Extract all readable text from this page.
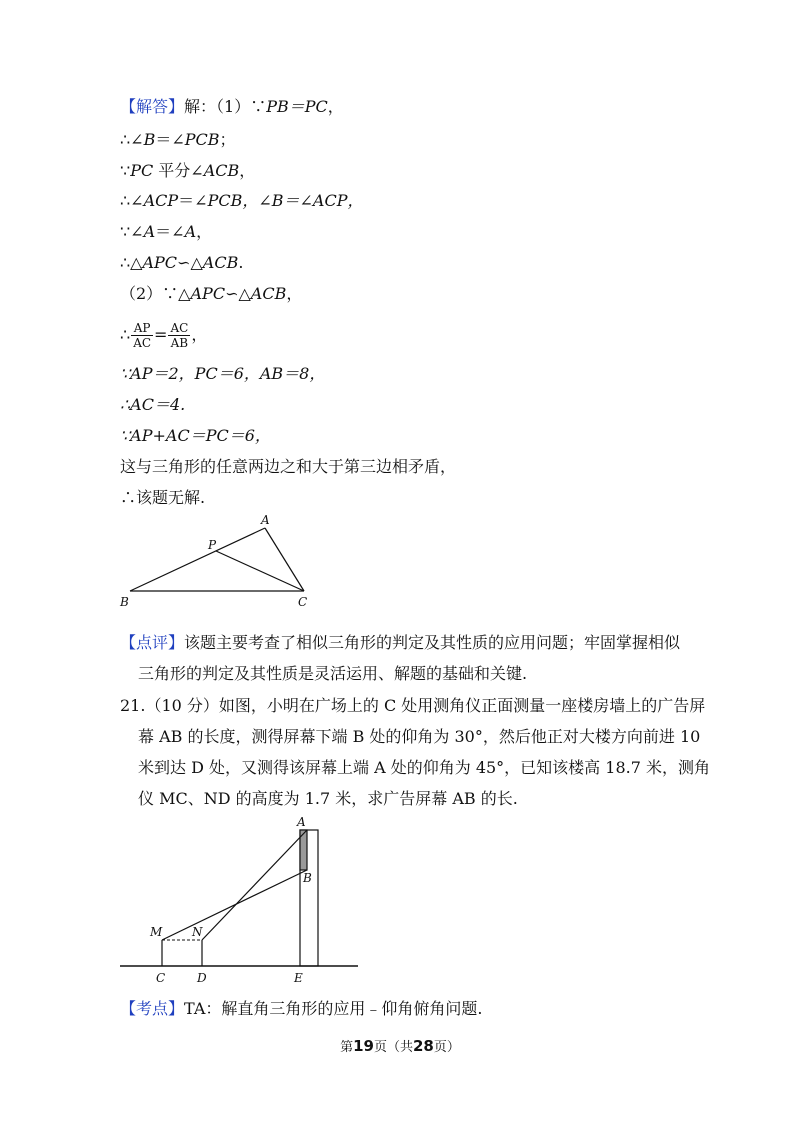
【解答】解：（1）∵PB＝PC，
∴∠B＝∠PCB；
∵PC 平分∠ACB，
∴∠ACP＝∠PCB，∠B＝∠ACP，
∵∠A＝∠A，
∴△APC∽△ACB.
（2）∵△APC∽△ACB，
∴ $\frac{AP}{AC} = \frac{AC}{AB}$ ，
∵AP＝2，PC＝6，AB＝8，
∴AC＝4.
∵AP+AC＝PC＝6，
这与三角形的任意两边之和大于第三边相矛盾，
∴该题无解.
A
P
B	C
【点评】该题主要考查了相似三角形的判定及其性质的应用问题；牢固掌握相似
三角形的判定及其性质是灵活运用、解题的基础和关键.
21.（10 分）如图，小明在广场上的 C 处用测角仪正面测量一座楼房墙上的广告屏
幕 AB 的长度，测得屏幕下端 B 处的仰角为 30°，然后他正对大楼方向前进 10
米到达 D 处，又测得该屏幕上端 A 处的仰角为 45°，已知该楼高 18.7 米，测角
仪 MC、ND 的高度为 1.7 米，求广告屏幕 AB 的长.
A
B
M N
C	D	E
【考点】TA：解直角三角形的应用﹣仰角俯角问题.
第19页（共28页）
